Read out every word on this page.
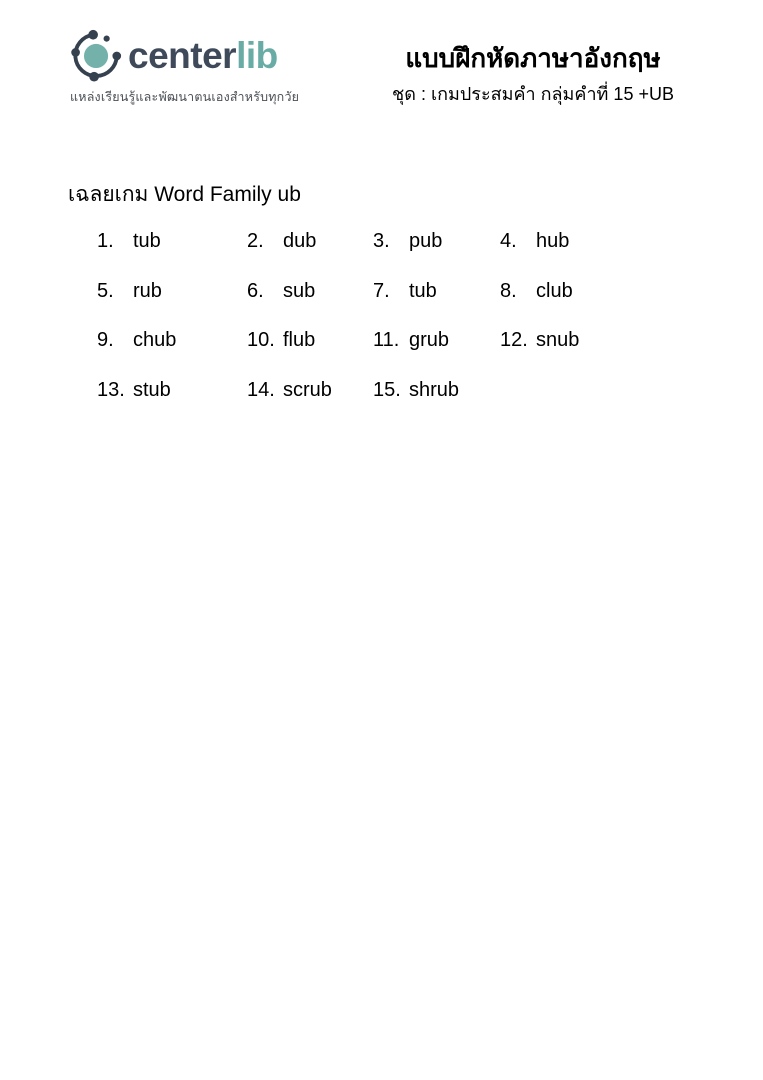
centerlib
แหล่งเรียนรู้และพัฒนาตนเองสำหรับทุกวัย
แบบฝึกหัดภาษาอังกฤษ
ชุด : เกมประสมคำ กลุ่มคำที่ 15 +UB
เฉลยเกม Word Family ub
1. tub	2. dub	3. pub	4. hub
5. rub	6. sub	7. tub	8. club
9. chub	10. flub	11. grub	12. snub
13. stub	14. scrub 15. shrub
